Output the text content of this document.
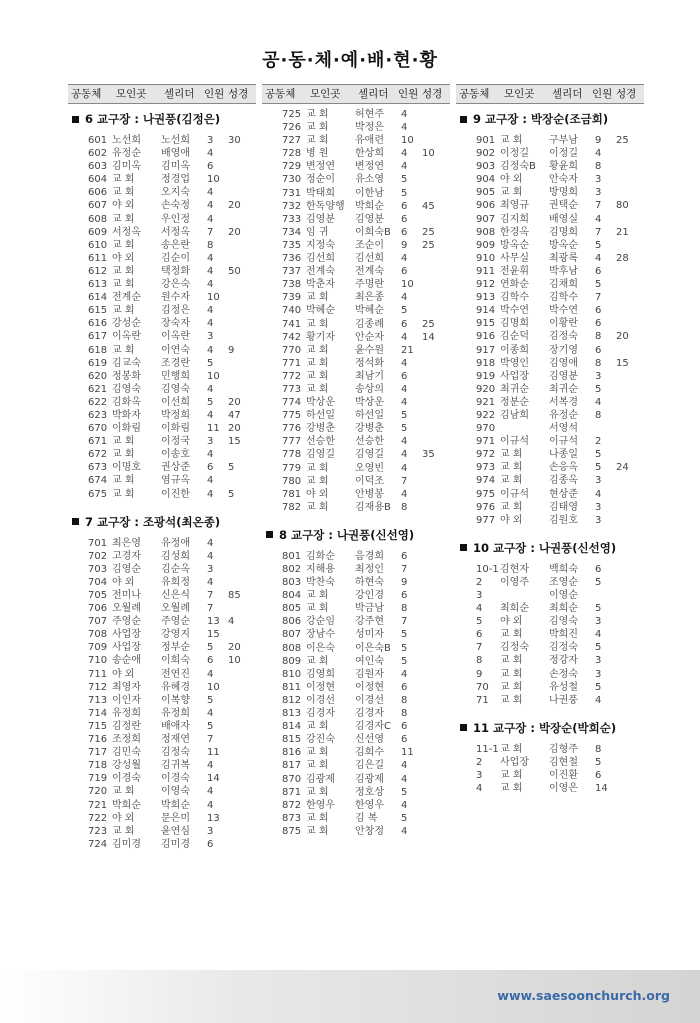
공·동·체·예·배·현·황
공동체 모인곳 셀리더 인원 성경
6 교구장 : 나권풍(김정은)
601 노선희 노선희 3 30
602 유정순 배영애 4
603 김미옥 김미옥 6
604 교 회	정경업 10
606 교 회	오지숙 4
607 야 외	손숙정 4 20
608 교 회	우인정 4
609 서정옥 서정옥 7 20
610 교 회	송은란 8
611 야 외	김순이 4
612 교 회	택정화 4 50
613 교 회	강은숙 4
614 전계순 원수자 10
615 교 회	김정은 4
616 강성순 장숙자 4
617 이옥란 이옥란 3
618 교 회	이연숙 4 9
619 김교숙 조경란 5
620 정봉화 민행희 10
621 김영숙 김영숙 4
622 김화옥 이선희 5 20
623 박화자 박정희 4 47
670 이화림 이화림 11 20
671 교 회	이정국 3 15
672 교 회	이송호 4
673 이명호 권상준 6 5
674 교 회	염규옥 4
675 교 회	이진한 4 5
7 교구장 : 조광석(최온종)
701 최은영 유정애 4
702 고경자 김성희 4
703 김영순 김순옥 3
704 야 외	유희정 4
705 전미나 신은식 7 85
706 오월례 오월례 7
707 주영순 주영순 13 4
708 사업장 강영지 15
709 사업장 정부순 5 20
710 송순애 이희숙 6 10
711 야 외	전연진 4
712 최영자 유혜경 10
713 이인자 이복향 5
714 유정희 유정희 4
715 김정란 배애자 5
716 조정희 정재연 7
717 김민숙 김정숙 11
718 강성월 김귀복 4
719 이경숙 이경숙 14
720 교 회	이영숙 4
721 박희순 박희순 4
722 야 외	문은미 13
723 교 회	윤연심 3
724 김미경 김미경 6
공동체 모인곳 셀리더 인원 성경
725 교 회	허현주 4
726 교 회	박정은 4
727 교 회	유애련 10
728 병 원	한상희 4 10
729 변정연 변정연 4
730 정순이 유소영 5
731 박태희 이한남 5
732 한독양행 박희순 6 45
733 김영분 김영분 6
734 임 귀	이희숙B 6 25
735 지정숙 조순이 9 25
736 김선희 김선희 4
737 전계숙 전계숙 6
738 박춘자 주명란 10
739 교 회	최은종 4
740 박혜순 박혜순 5
741 교 회	김종례 6 25
742 황기자 안순자 4 14
770 교 회	윤수원 21
771 교 회	정석화 4
772 교 회	최남기 6
773 교 회	송상의 4
774 박상운 박상운 4
775 하선일 하선일 5
776 강병춘 강병춘 5
777 선승한 선승한 4
778 김영길 김영길 4 35
779 교 회	오영빈 4
780 교 회	이덕조 7
781 야 외	안병봉 4
782 교 회	김재용B 8
8 교구장 : 나권풍(신선영)
801 김화순 음경희 6
802 지해용 최정인 7
803 박찬숙 하현숙 9
804 교 회	강인경 6
805 교 회	박금남 8
806 강순임 강주현 7
807 장남수 성미자 5
808 이은숙 이은숙B 5
809 교 회	여인숙 5
810 김영희 김원자 4
811 이정현 이정현 6
812 이경선 이경선 8
813 김경자 김경자 8
814 교 회	김경자C 6
815 강진숙 신선영 6
816 교 회	김희수 11
817 교 회	김은길 4
870 김광제 김광제 4
871 교 회	정호상 5
872 한영우 한영우 4
873 교 회	김 복 5
875 교 회	안창정 4
공동체 모인곳 셀리더 인원 성경
9 교구장 : 박장순(조금희)
901 교 회	구부남 9 25
902 이정길 이정길 4
903 김정숙B 황윤희 8
904 야 외	안숙자 3
905 교 회	방명희 3
906 최영규 권택순 7 80
907 김지희 배영실 4
908 한경옥 김명희 7 21
909 방옥순 방옥순 5
910 사무실 최광록 4 28
911 전윤휘 박후남 6
912 연화순 김채희 5
913 김학수 김학수 7
914 박수연 박수연 6
915 김명희 이황란 6
916 김순덕 김정숙 8 20
917 이종희 장기영 6
918 박영인 김영애 8 15
919 사업장 김영분 3
920 최귀순 최귀순 5
921 정분순 서복경 4
922 김남희 유정순 8
970	서영석
971 이규석 이규석 2
972 교 회	나종일 5
973 교 회	손응옥 5 24
974 교 회	김종옥 3
975 이규석 현상준 4
976 교 회	김태영 3
977 야 외	김원호 3
10 교구장 : 나권풍(신선영)
10-1 김현자 백희숙 6
2 이영주 조영순 5
3	이영순
4 최희순 최희순 5
5 야 외	김영숙 3
6 교 회	박희진 4
7 김정숙 김정숙 5
8 교 회	정강자 3
9 교 회	손정숙 3
70 교 회	유성철 5
71 교 회	나권풍 4
11 교구장 : 박장순(박희순)
11-1 교 회	김형주 8
2 사업장 김현철 5
3 교 회	이진환 6
4 교 회	이영은 14
www.saesoonchurch.org
